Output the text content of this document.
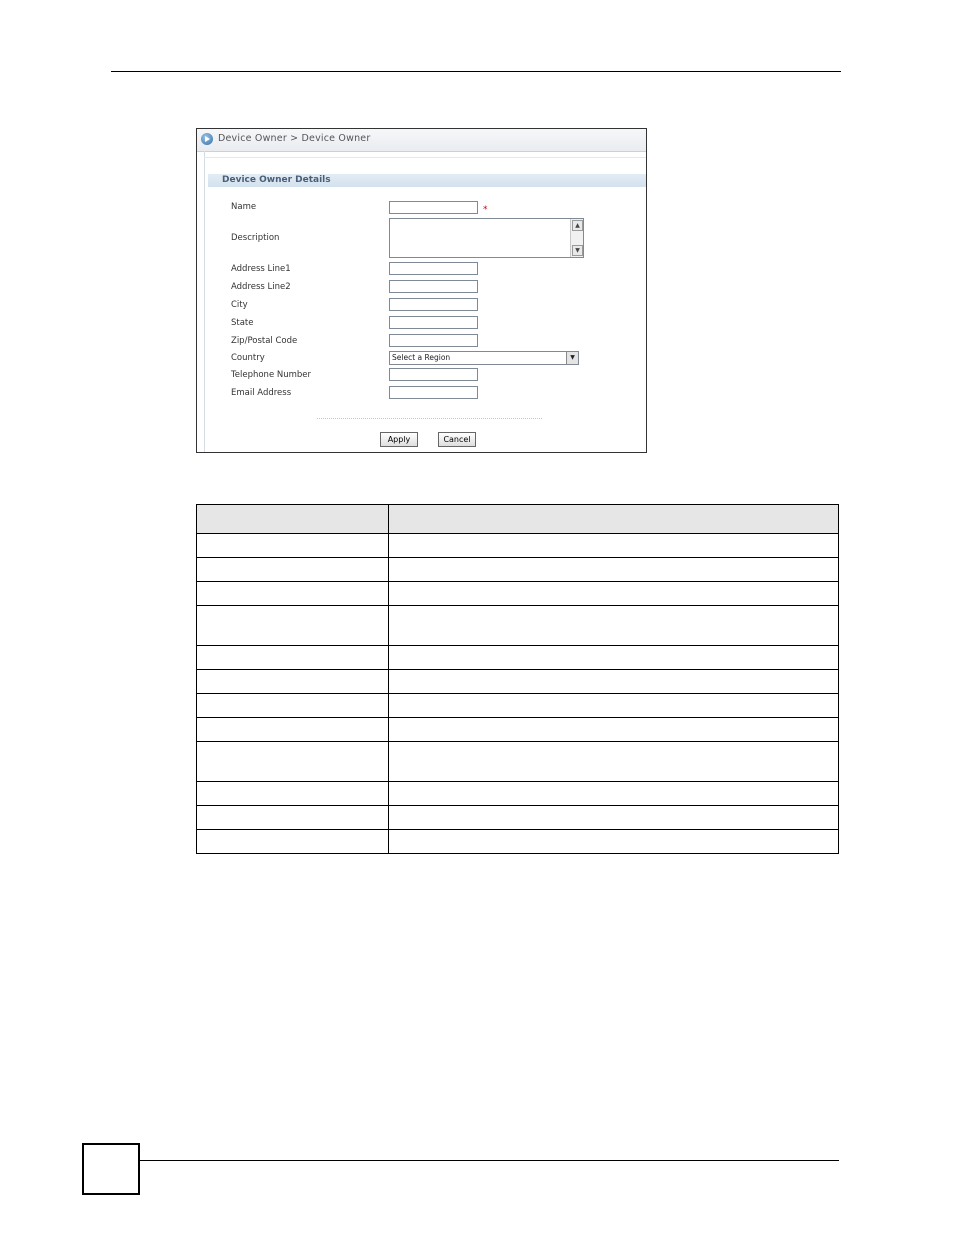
Device Owner > Device Owner
Device Owner Details
Name	*
Description
▲
▼
Address Line1
Address Line2
City
State
Zip/Postal Code
Country	Select a Region	▼
Telephone Number
Email Address
Apply	Cancel
